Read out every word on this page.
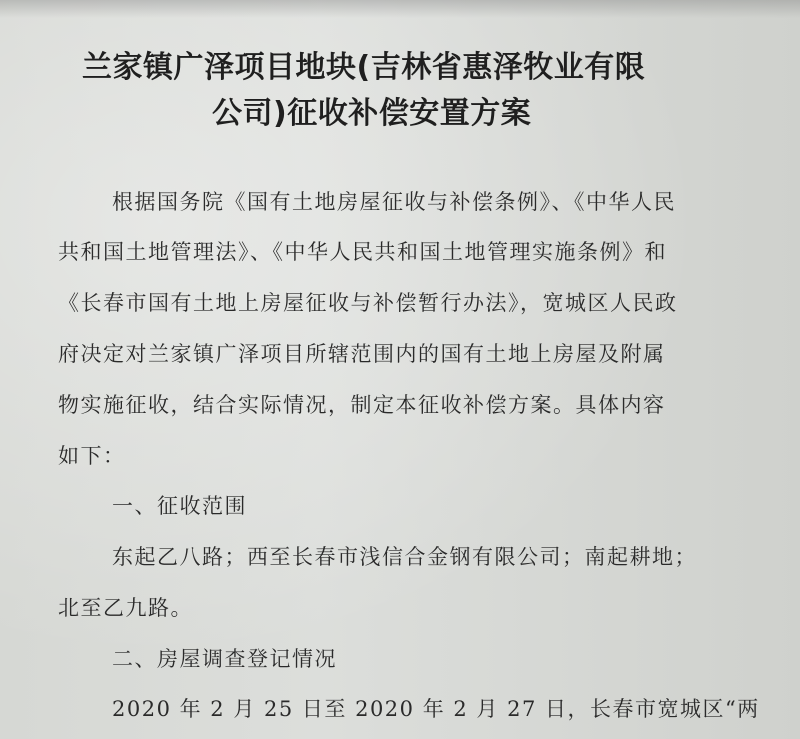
兰家镇广泽项目地块(吉林省惠泽牧业有限
公司)征收补偿安置方案
根据国务院《国有土地房屋征收与补偿条例》、《中华人民
共和国土地管理法》、《中华人民共和国土地管理实施条例》和
《长春市国有土地上房屋征收与补偿暂行办法》，宽城区人民政
府决定对兰家镇广泽项目所辖范围内的国有土地上房屋及附属
物实施征收，结合实际情况，制定本征收补偿方案。具体内容
如下：
一、征收范围
东起乙八路；西至长春市浅信合金钢有限公司；南起耕地；
北至乙九路。
二、房屋调查登记情况
2020 年 2 月 25 日至 2020 年 2 月 27 日，长春市宽城区“两
